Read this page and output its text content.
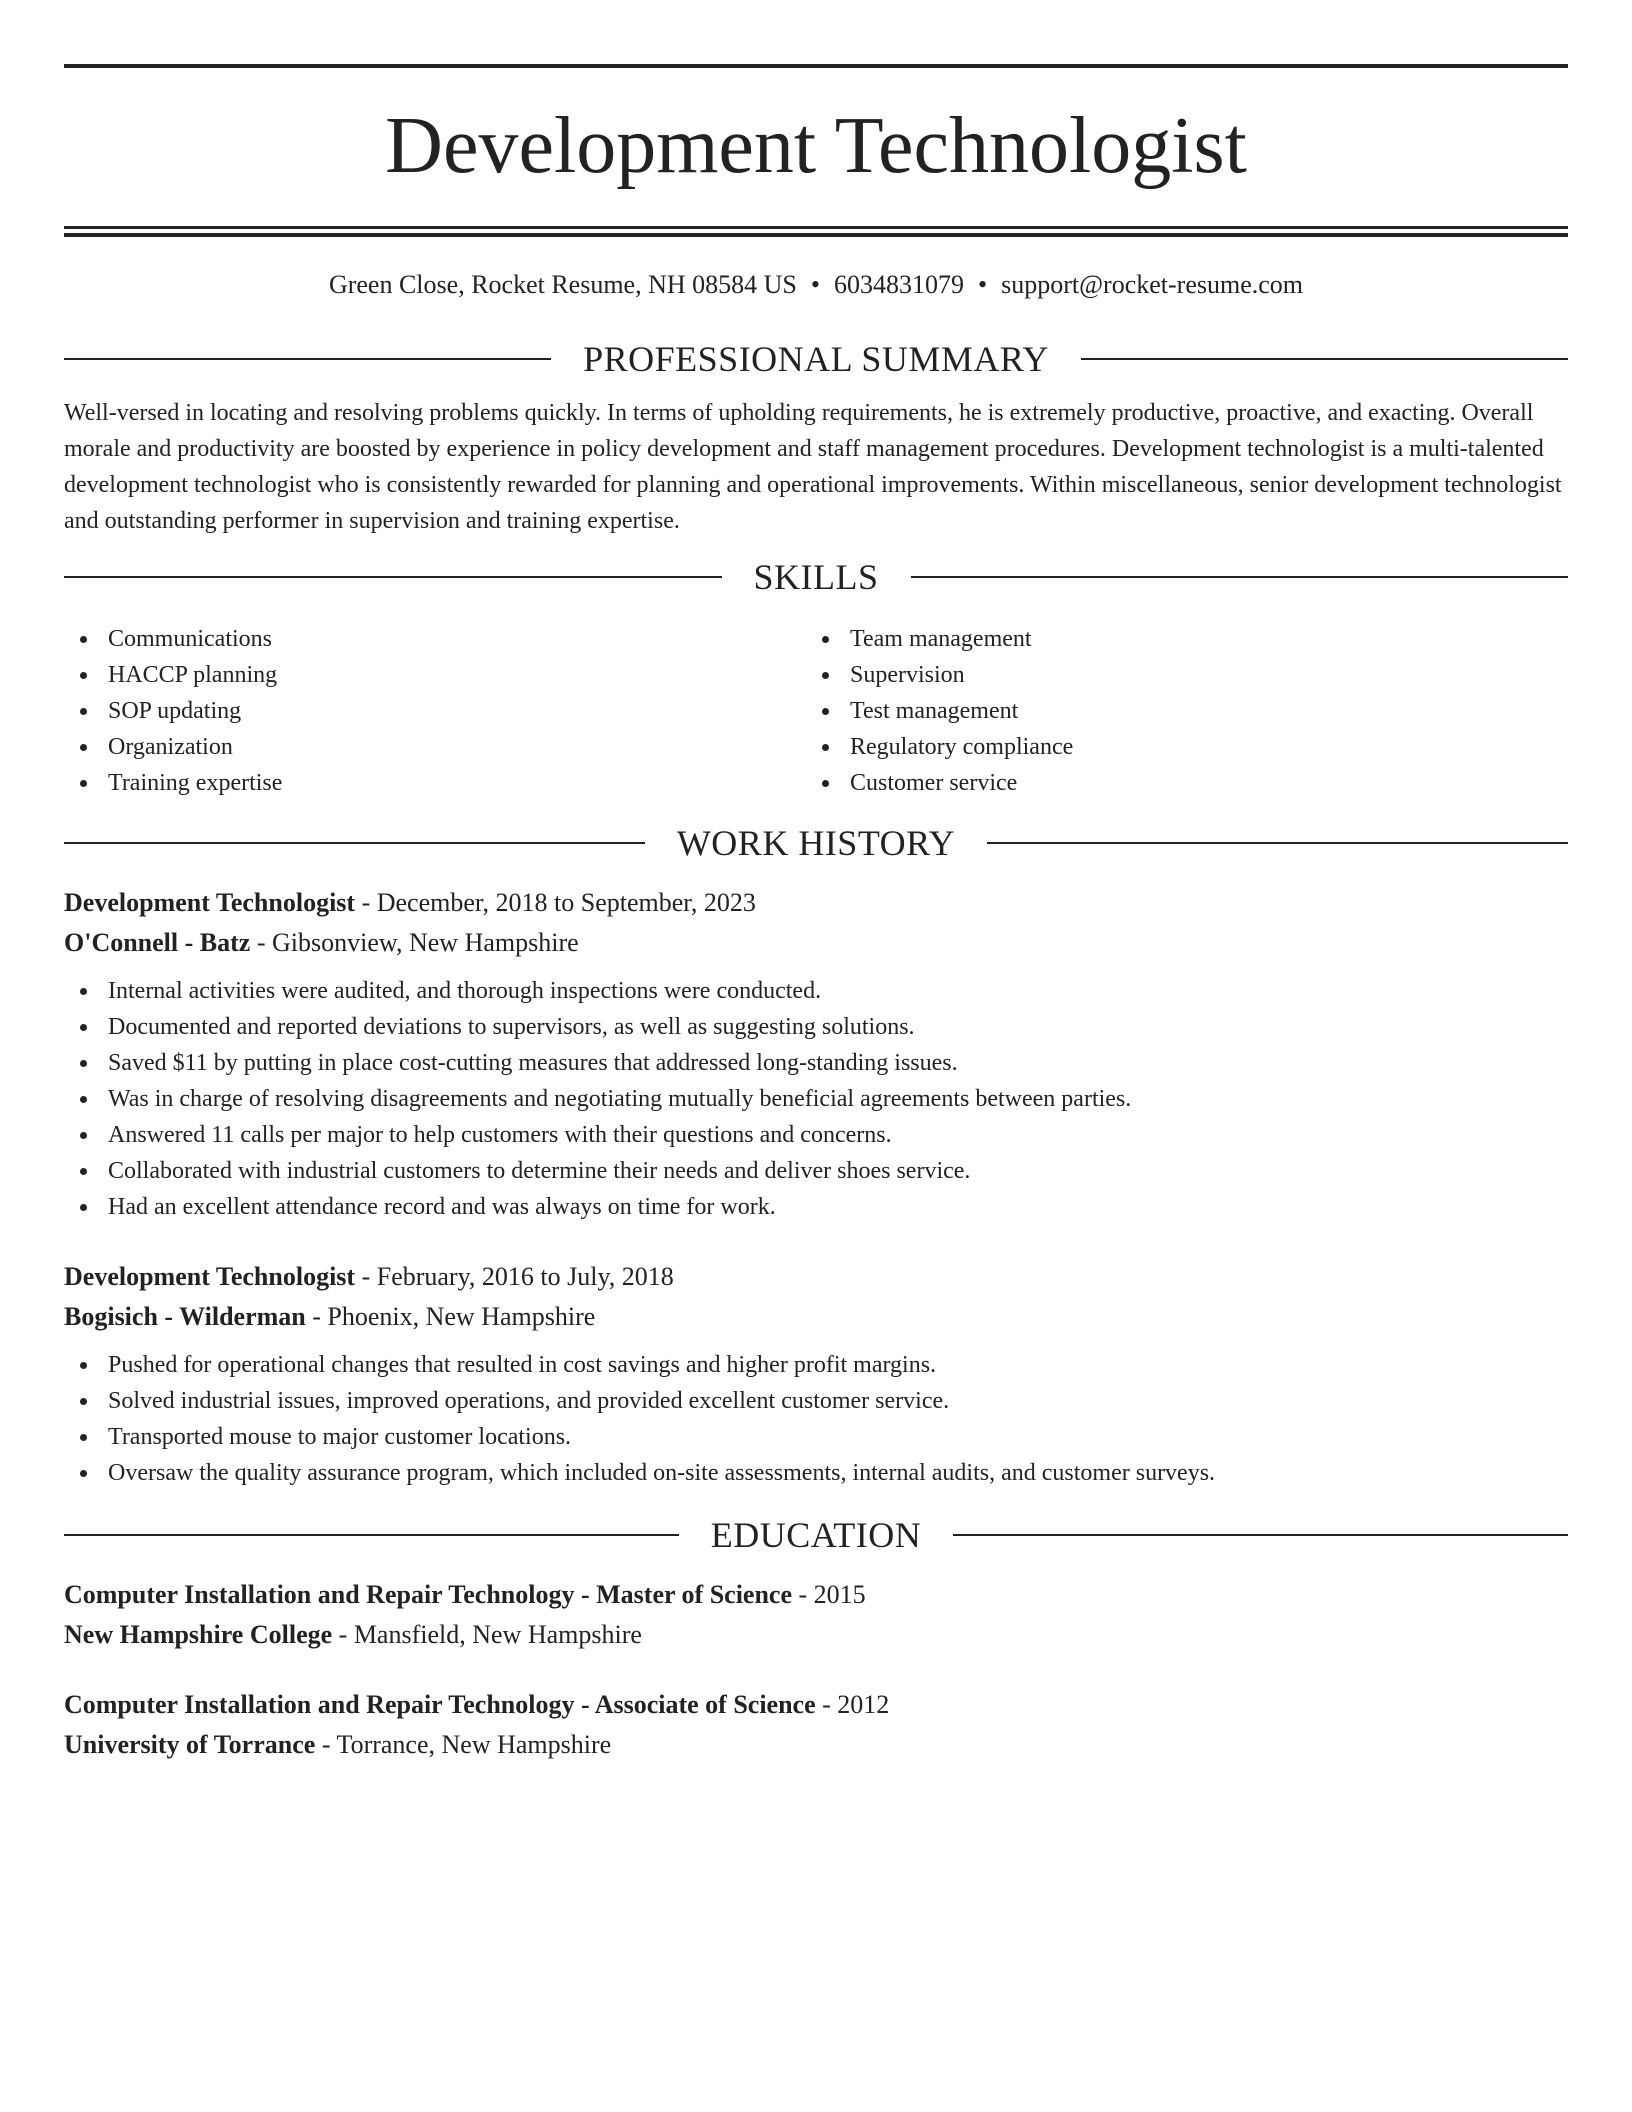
Development Technologist
Green Close, Rocket Resume, NH 08584 US • 6034831079 • support@rocket-resume.com
PROFESSIONAL SUMMARY

Well-versed in locating and resolving problems quickly. In terms of upholding requirements, he is extremely productive, proactive, and exacting. Overall morale and productivity are boosted by experience in policy development and staff management procedures. Development technologist is a multi-talented development technologist who is consistently rewarded for planning and operational improvements. Within miscellaneous, senior development technologist and outstanding performer in supervision and training expertise.

SKILLS
Communications
HACCP planning
SOP updating
Organization
Training expertise
Team management
Supervision
Test management
Regulatory compliance
Customer service
WORK HISTORY
Development Technologist - December, 2018 to September, 2023
O'Connell - Batz - Gibsonview, New Hampshire
Internal activities were audited, and thorough inspections were conducted.
Documented and reported deviations to supervisors, as well as suggesting solutions.
Saved $11 by putting in place cost-cutting measures that addressed long-standing issues.
Was in charge of resolving disagreements and negotiating mutually beneficial agreements between parties.
Answered 11 calls per major to help customers with their questions and concerns.
Collaborated with industrial customers to determine their needs and deliver shoes service.
Had an excellent attendance record and was always on time for work.
Development Technologist - February, 2016 to July, 2018
Bogisich - Wilderman - Phoenix, New Hampshire
Pushed for operational changes that resulted in cost savings and higher profit margins.
Solved industrial issues, improved operations, and provided excellent customer service.
Transported mouse to major customer locations.
Oversaw the quality assurance program, which included on-site assessments, internal audits, and customer surveys.
EDUCATION
Computer Installation and Repair Technology - Master of Science - 2015
New Hampshire College - Mansfield, New Hampshire
Computer Installation and Repair Technology - Associate of Science - 2012
University of Torrance - Torrance, New Hampshire
